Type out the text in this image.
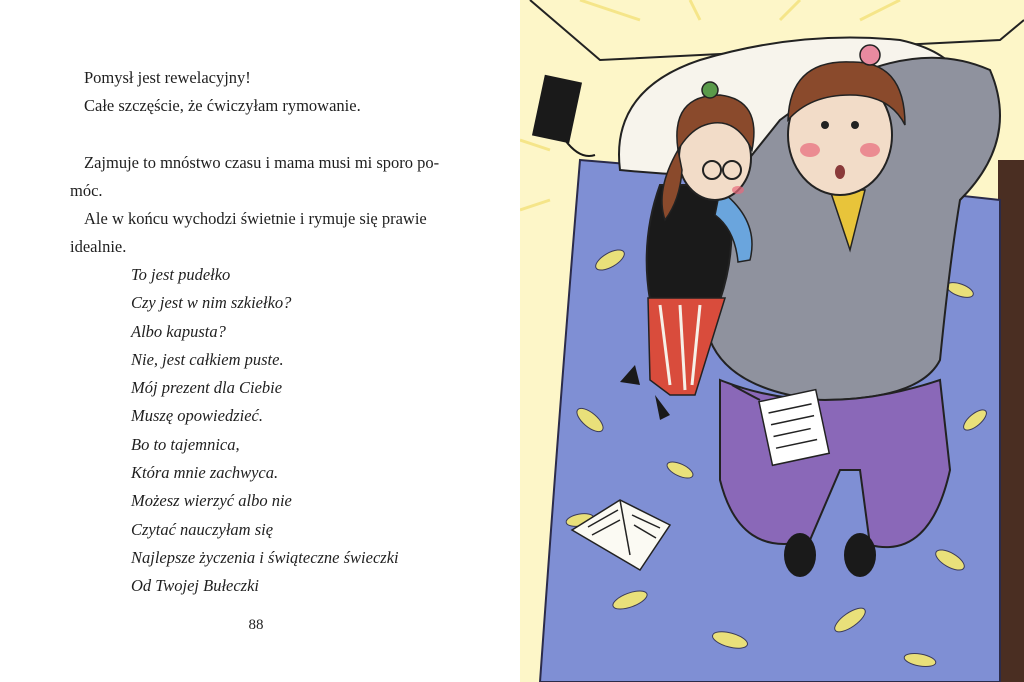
Pomysł jest rewelacyjny!
Całe szczęście, że ćwiczyłam rymowanie.
Zajmuje to mnóstwo czasu i mama musi mi sporo po-
móc.
Ale w końcu wychodzi świetnie i rymuje się prawie
idealnie.
To jest pudełko
Czy jest w nim szkiełko?
Albo kapusta?
Nie, jest całkiem puste.
Mój prezent dla Ciebie
Muszę opowiedzieć.
Bo to tajemnica,
Która mnie zachwyca.
Możesz wierzyć albo nie
Czytać nauczyłam się
Najlepsze życzenia i świąteczne świeczki
Od Twojej Bułeczki
88
